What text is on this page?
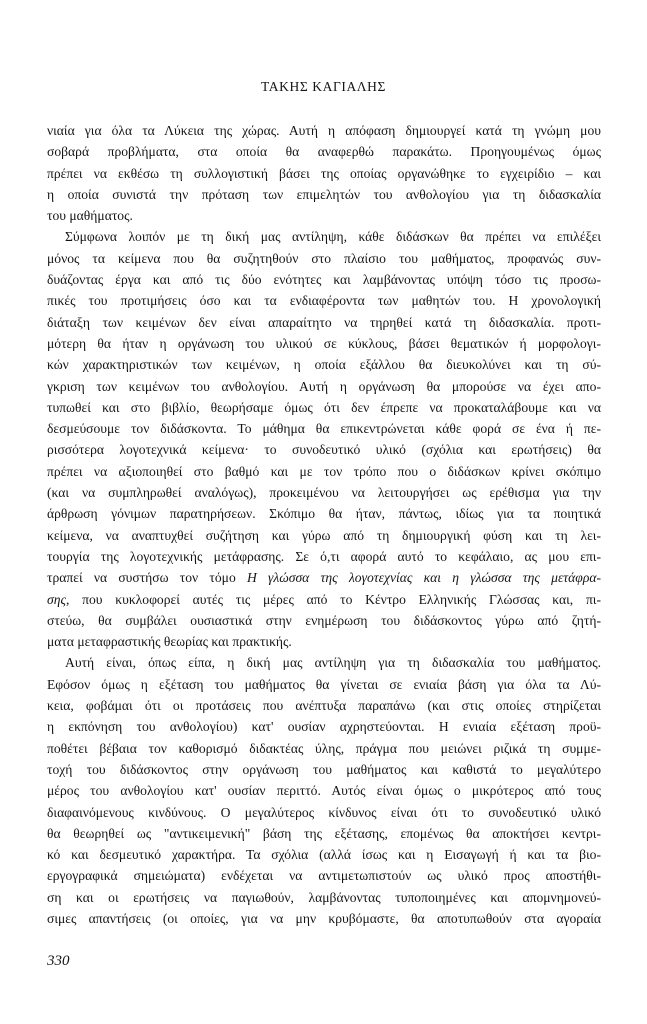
ΤΑΚΗΣ ΚΑΓΙΑΛΗΣ
νιαία για όλα τα Λύκεια της χώρας. Αυτή η απόφαση δημιουργεί κατά τη γνώμη μου
σοβαρά προβλήματα, στα οποία θα αναφερθώ παρακάτω. Προηγουμένως όμως
πρέπει να εκθέσω τη συλλογιστική βάσει της οποίας οργανώθηκε το εγχειρίδιο – και
η οποία συνιστά την πρόταση των επιμελητών του ανθολογίου για τη διδασκαλία
του μαθήματος.
Σύμφωνα λοιπόν με τη δική μας αντίληψη, κάθε διδάσκων θα πρέπει να επιλέξει
μόνος τα κείμενα που θα συζητηθούν στο πλαίσιο του μαθήματος, προφανώς συν-
δυάζοντας έργα και από τις δύο ενότητες και λαμβάνοντας υπόψη τόσο τις προσω-
πικές του προτιμήσεις όσο και τα ενδιαφέροντα των μαθητών του. Η χρονολογική
διάταξη των κειμένων δεν είναι απαραίτητο να τηρηθεί κατά τη διδασκαλία. προτι-
μότερη θα ήταν η οργάνωση του υλικού σε κύκλους, βάσει θεματικών ή μορφολογι-
κών χαρακτηριστικών των κειμένων, η οποία εξάλλου θα διευκολύνει και τη σύ-
γκριση των κειμένων του ανθολογίου. Αυτή η οργάνωση θα μπορούσε να έχει απο-
τυπωθεί και στο βιβλίο, θεωρήσαμε όμως ότι δεν έπρεπε να προκαταλάβουμε και να
δεσμεύσουμε τον διδάσκοντα. Το μάθημα θα επικεντρώνεται κάθε φορά σε ένα ή πε-
ρισσότερα λογοτεχνικά κείμενα· το συνοδευτικό υλικό (σχόλια και ερωτήσεις) θα
πρέπει να αξιοποιηθεί στο βαθμό και με τον τρόπο που ο διδάσκων κρίνει σκόπιμο
(και να συμπληρωθεί αναλόγως), προκειμένου να λειτουργήσει ως ερέθισμα για την
άρθρωση γόνιμων παρατηρήσεων. Σκόπιμο θα ήταν, πάντως, ιδίως για τα ποιητικά
κείμενα, να αναπτυχθεί συζήτηση και γύρω από τη δημιουργική φύση και τη λει-
τουργία της λογοτεχνικής μετάφρασης. Σε ό,τι αφορά αυτό το κεφάλαιο, ας μου επι-
τραπεί να συστήσω τον τόμο Η γλώσσα της λογοτεχνίας και η γλώσσα της μετάφρα-
σης, που κυκλοφορεί αυτές τις μέρες από το Κέντρο Ελληνικής Γλώσσας και, πι-
στεύω, θα συμβάλει ουσιαστικά στην ενημέρωση του διδάσκοντος γύρω από ζητή-
ματα μεταφραστικής θεωρίας και πρακτικής.
Αυτή είναι, όπως είπα, η δική μας αντίληψη για τη διδασκαλία του μαθήματος.
Εφόσον όμως η εξέταση του μαθήματος θα γίνεται σε ενιαία βάση για όλα τα Λύ-
κεια, φοβάμαι ότι οι προτάσεις που ανέπτυξα παραπάνω (και στις οποίες στηρίζεται
η εκπόνηση του ανθολογίου) κατ' ουσίαν αχρηστεύονται. Η ενιαία εξέταση προϋ-
ποθέτει βέβαια τον καθορισμό διδακτέας ύλης, πράγμα που μειώνει ριζικά τη συμμε-
τοχή του διδάσκοντος στην οργάνωση του μαθήματος και καθιστά το μεγαλύτερο
μέρος του ανθολογίου κατ' ουσίαν περιττό. Αυτός είναι όμως ο μικρότερος από τους
διαφαινόμενους κινδύνους. Ο μεγαλύτερος κίνδυνος είναι ότι το συνοδευτικό υλικό
θα θεωρηθεί ως "αντικειμενική" βάση της εξέτασης, επομένως θα αποκτήσει κεντρι-
κό και δεσμευτικό χαρακτήρα. Τα σχόλια (αλλά ίσως και η Εισαγωγή ή και τα βιο-
εργογραφικά σημειώματα) ενδέχεται να αντιμετωπιστούν ως υλικό προς αποστήθι-
ση και οι ερωτήσεις να παγιωθούν, λαμβάνοντας τυποποιημένες και απομνημονεύ-
σιμες απαντήσεις (οι οποίες, για να μην κρυβόμαστε, θα αποτυπωθούν στα αγοραία
330
